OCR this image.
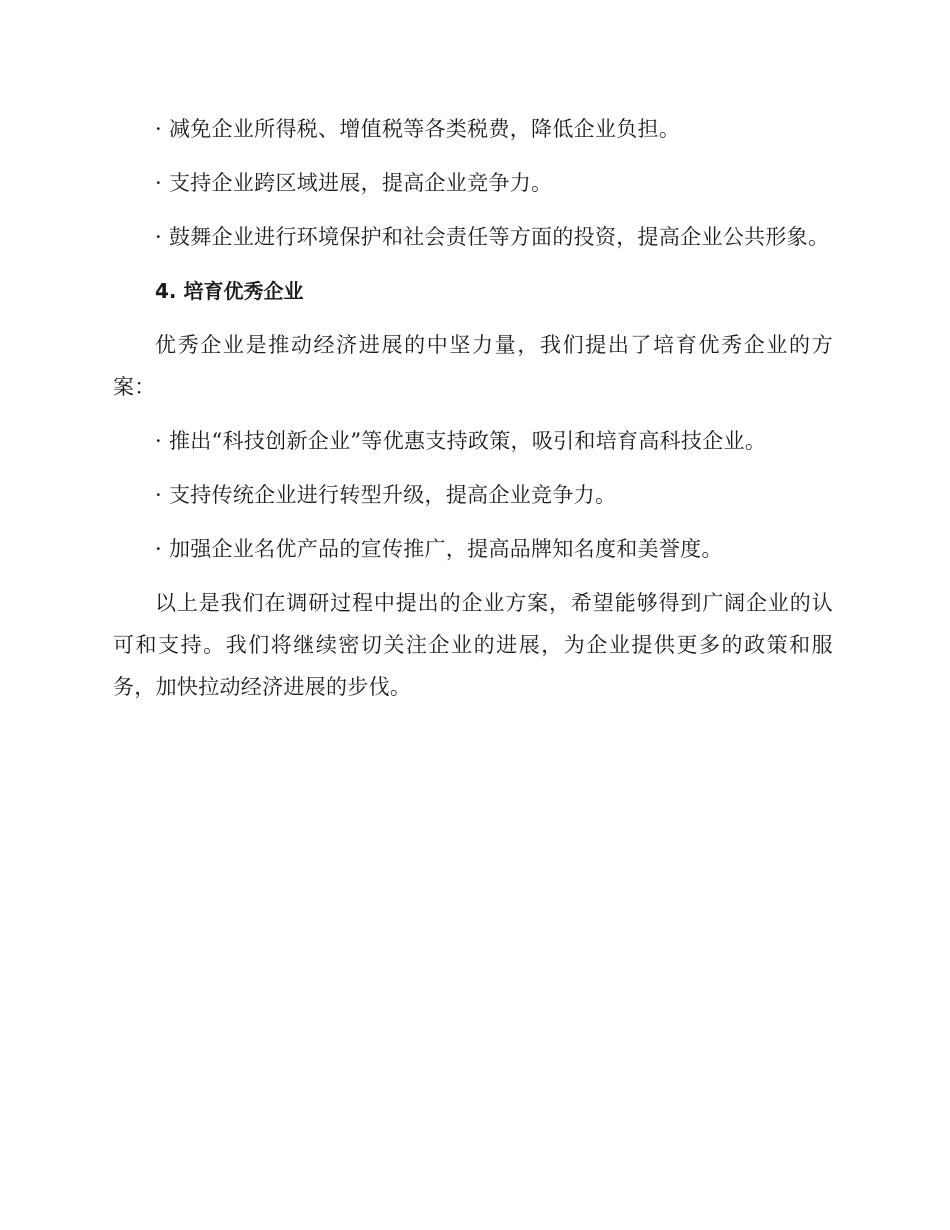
· 减免企业所得税、增值税等各类税费，降低企业负担。

· 支持企业跨区域进展，提高企业竞争力。

· 鼓舞企业进行环境保护和社会责任等方面的投资，提高企业公共形象。

4. 培育优秀企业

优秀企业是推动经济进展的中坚力量，我们提出了培育优秀企业的方案：

· 推出“科技创新企业”等优惠支持政策，吸引和培育高科技企业。

· 支持传统企业进行转型升级，提高企业竞争力。

· 加强企业名优产品的宣传推广，提高品牌知名度和美誉度。

以上是我们在调研过程中提出的企业方案，希望能够得到广阔企业的认可和支持。我们将继续密切关注企业的进展，为企业提供更多的政策和服务，加快拉动经济进展的步伐。
